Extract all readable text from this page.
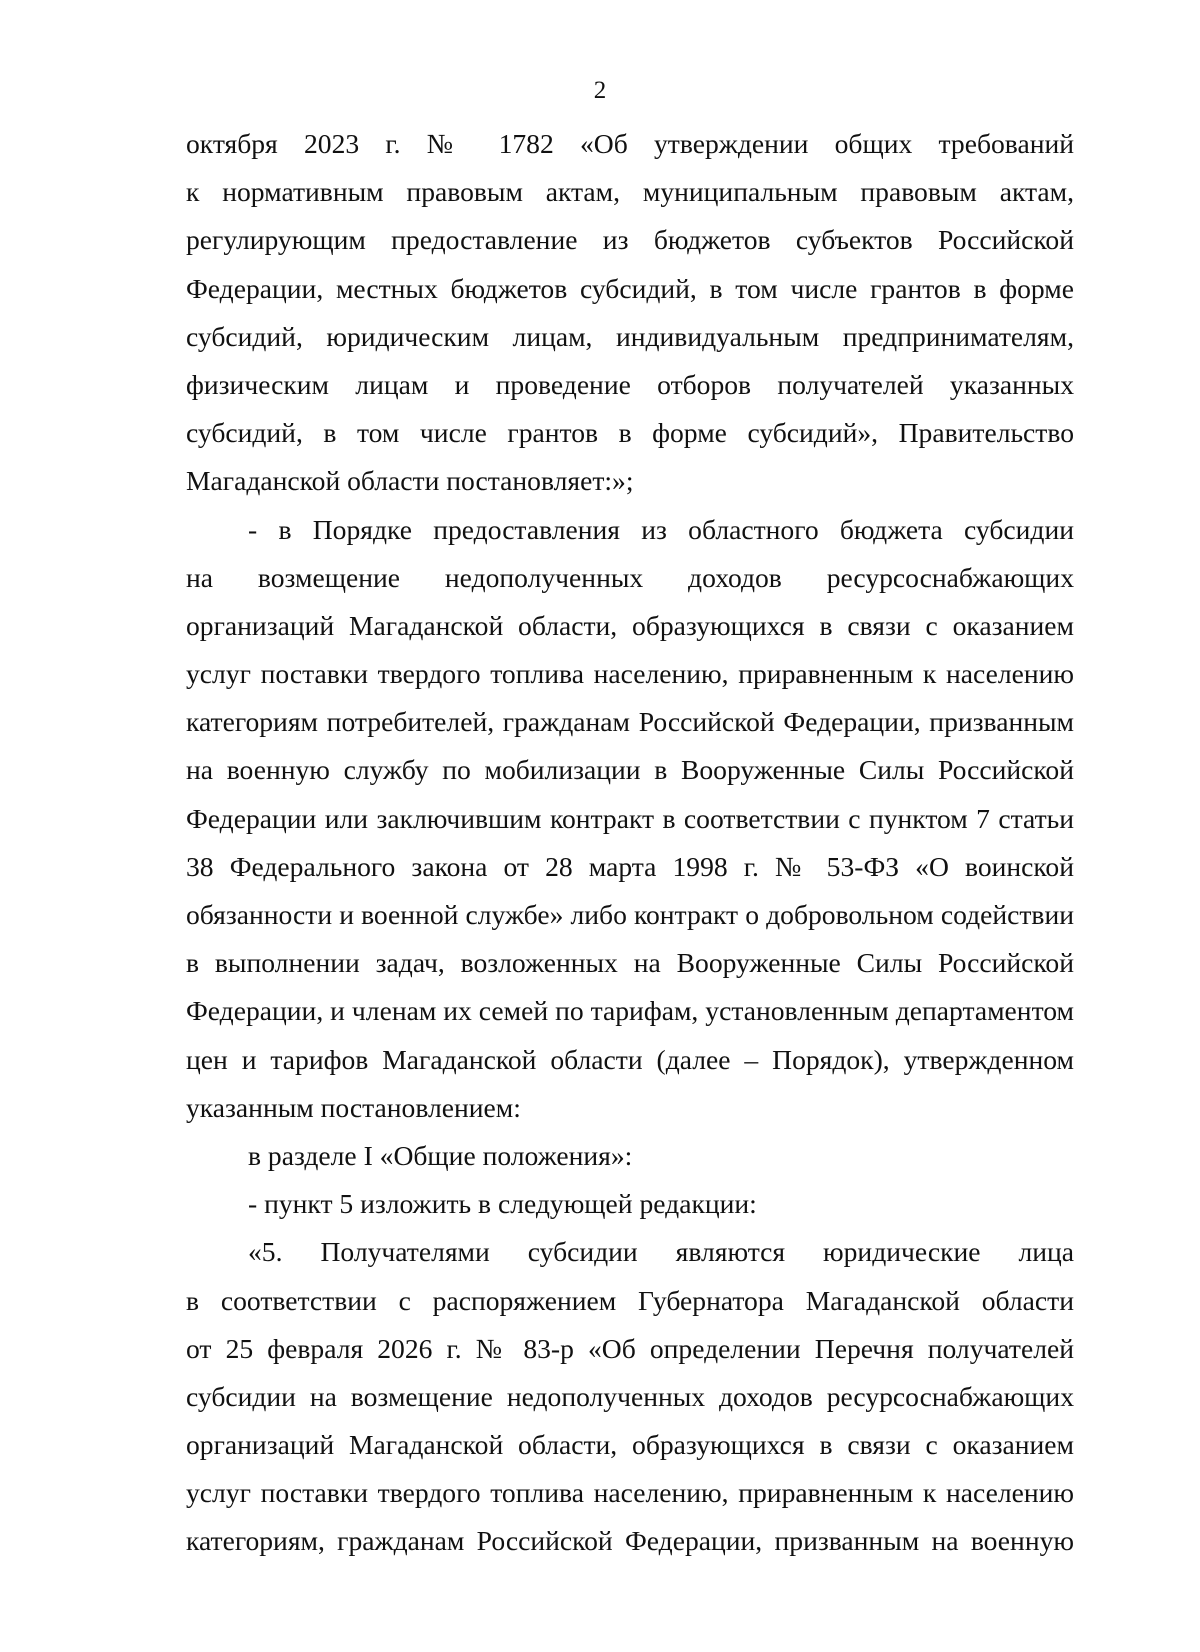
2
октября 2023 г. № 1782 «Об утверждении общих требований
к нормативным правовым актам, муниципальным правовым актам,
регулирующим предоставление из бюджетов субъектов Российской
Федерации, местных бюджетов субсидий, в том числе грантов в форме
субсидий, юридическим лицам, индивидуальным предпринимателям,
физическим лицам и проведение отборов получателей указанных
субсидий, в том числе грантов в форме субсидий», Правительство
Магаданской области постановляет:»;
- в Порядке предоставления из областного бюджета субсидии
на возмещение недополученных доходов ресурсоснабжающих
организаций Магаданской области, образующихся в связи с оказанием
услуг поставки твердого топлива населению, приравненным к населению
категориям потребителей, гражданам Российской Федерации, призванным
на военную службу по мобилизации в Вооруженные Силы Российской
Федерации или заключившим контракт в соответствии с пунктом 7 статьи
38 Федерального закона от 28 марта 1998 г. № 53-ФЗ «О воинской
обязанности и военной службе» либо контракт о добровольном содействии
в выполнении задач, возложенных на Вооруженные Силы Российской
Федерации, и членам их семей по тарифам, установленным департаментом
цен и тарифов Магаданской области (далее – Порядок), утвержденном
указанным постановлением:
в разделе I «Общие положения»:
- пункт 5 изложить в следующей редакции:
«5. Получателями субсидии являются юридические лица
в соответствии с распоряжением Губернатора Магаданской области
от 25 февраля 2026 г. № 83-р «Об определении Перечня получателей
субсидии на возмещение недополученных доходов ресурсоснабжающих
организаций Магаданской области, образующихся в связи с оказанием
услуг поставки твердого топлива населению, приравненным к населению
категориям, гражданам Российской Федерации, призванным на военную
